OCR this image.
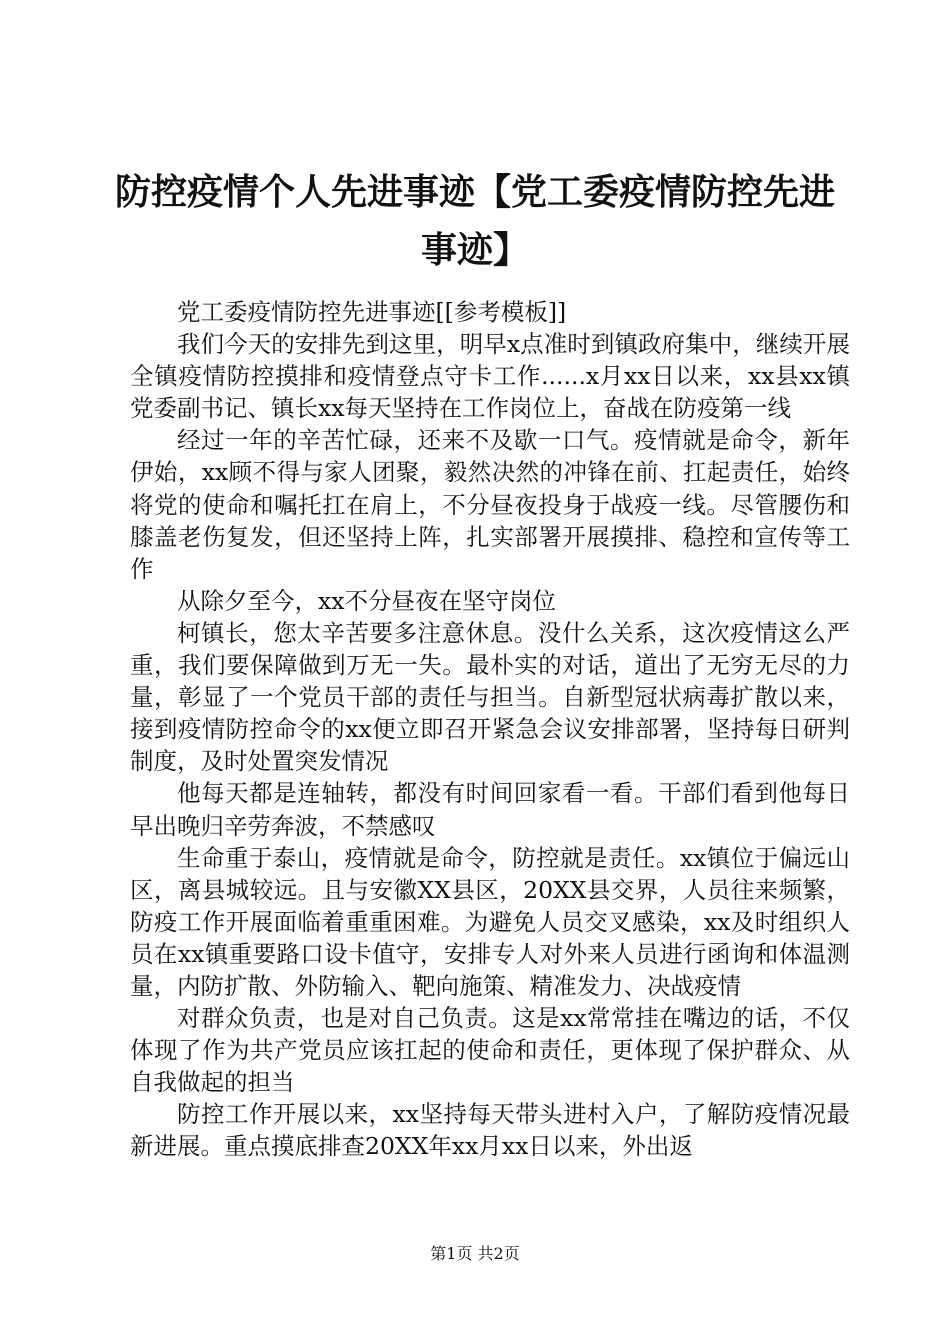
防控疫情个人先进事迹【党工委疫情防控先进事迹】

党工委疫情防控先进事迹[[参考模板]]

我们今天的安排先到这里，明早x点准时到镇政府集中，继续开展全镇疫情防控摸排和疫情登点守卡工作......x月xx日以来，xx县xx镇党委副书记、镇长xx每天坚持在工作岗位上，奋战在防疫第一线

经过一年的辛苦忙碌，还来不及歇一口气。疫情就是命令，新年伊始，xx顾不得与家人团聚，毅然决然的冲锋在前、扛起责任，始终将党的使命和嘱托扛在肩上，不分昼夜投身于战疫一线。尽管腰伤和膝盖老伤复发，但还坚持上阵，扎实部署开展摸排、稳控和宣传等工作

从除夕至今，xx不分昼夜在坚守岗位

柯镇长，您太辛苦要多注意休息。没什么关系，这次疫情这么严重，我们要保障做到万无一失。最朴实的对话，道出了无穷无尽的力量，彰显了一个党员干部的责任与担当。自新型冠状病毒扩散以来，接到疫情防控命令的xx便立即召开紧急会议安排部署，坚持每日研判制度，及时处置突发情况

他每天都是连轴转，都没有时间回家看一看。干部们看到他每日早出晚归辛劳奔波，不禁感叹

生命重于泰山，疫情就是命令，防控就是责任。xx镇位于偏远山区，离县城较远。且与安徽XX县区，20XX县交界，人员往来频繁，防疫工作开展面临着重重困难。为避免人员交叉感染，xx及时组织人员在xx镇重要路口设卡值守，安排专人对外来人员进行函询和体温测量，内防扩散、外防输入、靶向施策、精准发力、决战疫情

对群众负责，也是对自己负责。这是xx常常挂在嘴边的话，不仅体现了作为共产党员应该扛起的使命和责任，更体现了保护群众、从自我做起的担当

防控工作开展以来，xx坚持每天带头进村入户，了解防疫情况最新进展。重点摸底排查20XX年xx月xx日以来，外出返

第1页 共2页
